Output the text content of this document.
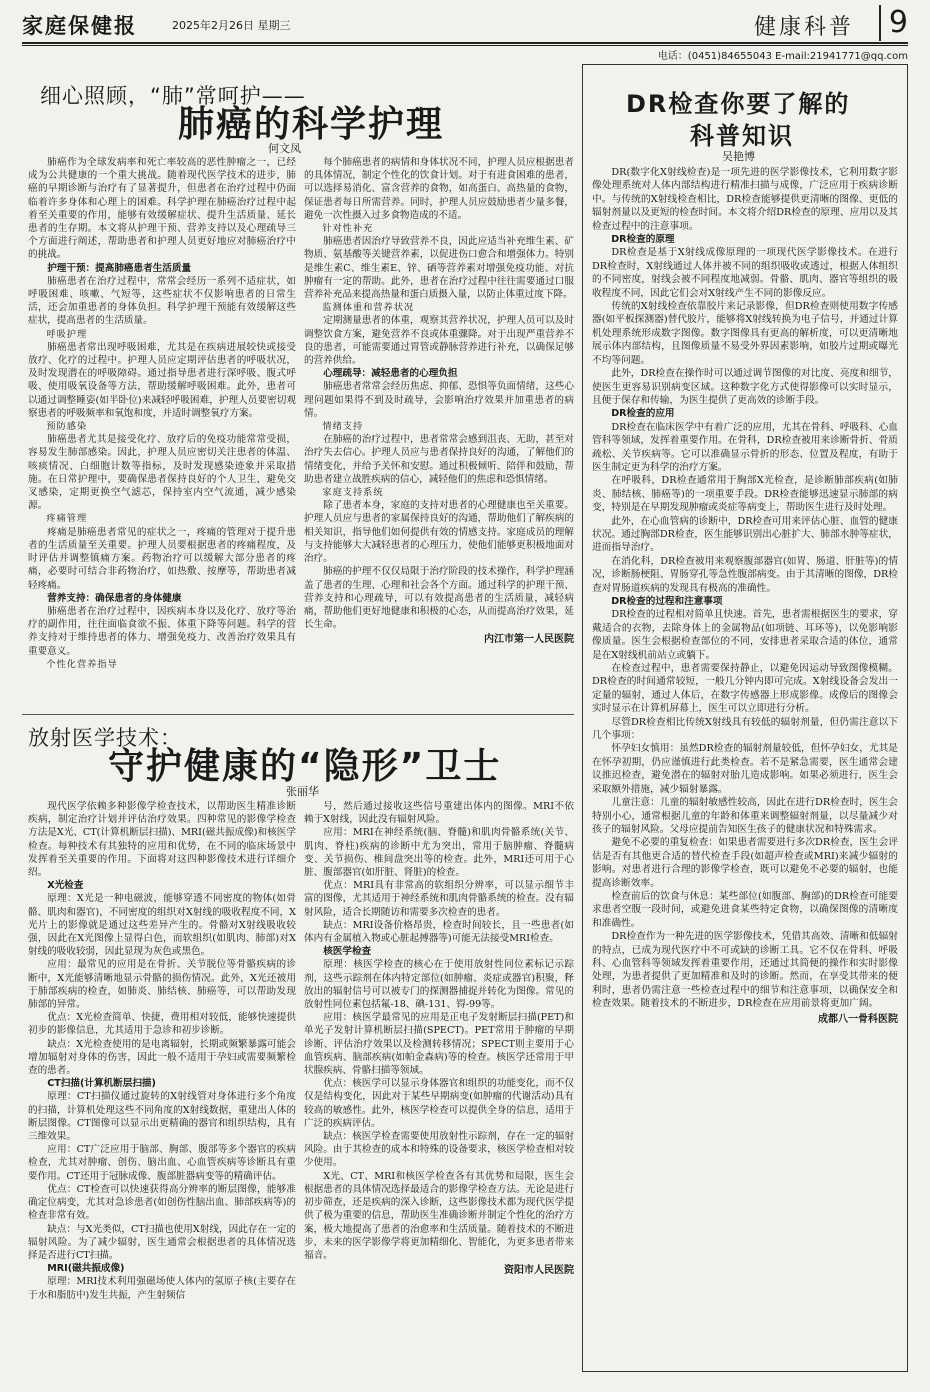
家庭保健报	2025年2月26日 星期三	健康科普	9
电话：(0451)84655043 E-mail:21941771@qq.com
细心照顾，“肺”常呵护——
肺癌的科学护理
何文凤

肺癌作为全球发病率和死亡率较高的恶性肿瘤之一，已经成为公共健康的一个重大挑战。随着现代医学技术的进步，肺癌的早期诊断与治疗有了显著提升，但患者在治疗过程中仍面临着许多身体和心理上的困难。科学护理在肺癌治疗过程中起着至关重要的作用，能够有效缓解症状、提升生活质量、延长患者的生存期。本文将从护理干预、营养支持以及心理疏导三个方面进行阐述，帮助患者和护理人员更好地应对肺癌治疗中的挑战。

护理干预：提高肺癌患者生活质量

肺癌患者在治疗过程中，常常会经历一系列不适症状，如呼吸困难、咳嗽、气短等，这些症状不仅影响患者的日常生活，还会加重患者的身体负担。科学护理干预能有效缓解这些症状，提高患者的生活质量。

呼吸护理

肺癌患者常出现呼吸困难，尤其是在疾病进展较快或接受放疗、化疗的过程中。护理人员应定期评估患者的呼吸状况，及时发现潜在的呼吸障碍。通过指导患者进行深呼吸、腹式呼吸、使用吸氧设备等方法，帮助缓解呼吸困难。此外，患者可以通过调整睡姿(如半卧位)来减轻呼吸困难，护理人员要密切观察患者的呼吸频率和氧饱和度，并适时调整氧疗方案。

预防感染

肺癌患者尤其是接受化疗、放疗后的免疫功能常常受损，容易发生肺部感染。因此，护理人员应密切关注患者的体温、咳痰情况、白细胞计数等指标，及时发现感染迹象并采取措施。在日常护理中，要确保患者保持良好的个人卫生，避免交叉感染，定期更换空气滤芯，保持室内空气流通，减少感染源。

疼痛管理

疼痛是肺癌患者常见的症状之一，疼痛的管理对于提升患者的生活质量至关重要。护理人员要根据患者的疼痛程度，及时评估并调整镇痛方案。药物治疗可以缓解大部分患者的疼痛，必要时可结合非药物治疗，如热敷、按摩等，帮助患者减轻疼痛。

营养支持：确保患者的身体健康

肺癌患者在治疗过程中，因疾病本身以及化疗、放疗等治疗的副作用，往往面临食欲不振、体重下降等问题。科学的营养支持对于维持患者的体力、增强免疫力、改善治疗效果具有重要意义。

个性化营养指导

每个肺癌患者的病情和身体状况不同，护理人员应根据患者的具体情况，制定个性化的饮食计划。对于有进食困难的患者，可以选择易消化、富含营养的食物，如高蛋白、高热量的食物，保证患者每日所需营养。同时，护理人员应鼓励患者少量多餐，避免一次性摄入过多食物造成的不适。

针对性补充

肺癌患者因治疗导致营养不良，因此应适当补充维生素、矿物质、氨基酸等关键营养素，以促进伤口愈合和增强体力。特别是维生素C、维生素E、锌、硒等营养素对增强免疫功能、对抗肿瘤有一定的帮助。此外，患者在治疗过程中往往需要通过口服营养补充品来提高热量和蛋白质摄入量，以防止体重过度下降。

监测体重和营养状况

定期测量患者的体重，观察其营养状况，护理人员可以及时调整饮食方案，避免营养不良或体重骤降。对于出现严重营养不良的患者，可能需要通过胃管或静脉营养进行补充，以确保足够的营养供给。

心理疏导：减轻患者的心理负担

肺癌患者常常会经历焦虑、抑郁、恐惧等负面情绪，这些心理问题如果得不到及时疏导，会影响治疗效果并加重患者的病情。

情绪支持

在肺癌的治疗过程中，患者常常会感到沮丧、无助，甚至对治疗失去信心。护理人员应与患者保持良好的沟通，了解他们的情绪变化，并给予关怀和安慰。通过积极倾听、陪伴和鼓励，帮助患者建立战胜疾病的信心，减轻他们的焦虑和恐惧情绪。

家庭支持系统

除了患者本身，家庭的支持对患者的心理健康也至关重要。护理人员应与患者的家属保持良好的沟通，帮助他们了解疾病的相关知识，指导他们如何提供有效的情感支持。家庭成员的理解与支持能够大大减轻患者的心理压力，使他们能够更积极地面对治疗。

肺癌的护理不仅仅局限于治疗阶段的技术操作，科学护理涵盖了患者的生理、心理和社会各个方面。通过科学的护理干预、营养支持和心理疏导，可以有效提高患者的生活质量，减轻病痛，帮助他们更好地健康和积极的心态，从而提高治疗效果，延长生命。

内江市第一人民医院
放射医学技术：
守护健康的“隐形”卫士
张丽华

现代医学依赖多种影像学检查技术，以帮助医生精准诊断疾病，制定治疗计划并评估治疗效果。四种常见的影像学检查方法是X光、CT(计算机断层扫描)、MRI(磁共振成像)和核医学检查。每种技术有其独特的应用和优势，在不同的临床场景中发挥着至关重要的作用。下面将对这四种影像技术进行详细介绍。

X光检查

原理：X光是一种电磁波，能够穿透不同密度的物体(如骨骼、肌肉和器官)，不同密度的组织对X射线的吸收程度不同，X光片上的影像就是通过这些差异产生的。骨骼对X射线吸收较强，因此在X光图像上显得白色，而软组织(如肌肉、肺部)对X射线的吸收较弱，因此显现为灰色或黑色。

应用：最常见的应用是在骨折、关节脱位等骨骼疾病的诊断中，X光能够清晰地显示骨骼的损伤情况。此外，X光还被用于肺部疾病的检查，如肺炎、肺结核、肺癌等，可以帮助发现肺部的异常。

优点：X光检查简单、快捷，费用相对较低，能够快速提供初步的影像信息，尤其适用于急诊和初步诊断。

缺点：X光检查使用的是电离辐射，长期或频繁暴露可能会增加辐射对身体的伤害，因此一般不适用于孕妇或需要频繁检查的患者。

CT扫描(计算机断层扫描)

原理：CT扫描仪通过旋转的X射线管对身体进行多个角度的扫描，计算机处理这些不同角度的X射线数据，重建出人体的断层图像。CT图像可以显示出更精确的器官和组织结构，具有三维效果。

应用：CT广泛应用于脑部、胸部、腹部等多个器官的疾病检查，尤其对肿瘤、创伤、脑出血、心血管疾病等诊断具有重要作用。CT还用于冠脉成像、腹部脏器病变等的精确评估。

优点：CT检查可以快速获得高分辨率的断层图像，能够准确定位病变，尤其对急诊患者(如创伤性脑出血、肺部疾病等)的检查非常有效。

缺点：与X光类似，CT扫描也使用X射线，因此存在一定的辐射风险。为了减少辐射，医生通常会根据患者的具体情况选择是否进行CT扫描。

MRI(磁共振成像)

原理：MRI技术利用强磁场使人体内的氢原子核(主要存在于水和脂肪中)发生共振，产生射频信

号，然后通过接收这些信号重建出体内的图像。MRI不依赖于X射线，因此没有辐射风险。

应用：MRI在神经系统(脑、脊髓)和肌肉骨骼系统(关节、肌肉、脊柱)疾病的诊断中尤为突出，常用于脑肿瘤、脊髓病变、关节损伤、椎间盘突出等的检查。此外，MRI还可用于心脏、腹部器官(如肝脏、肾脏)的检查。

优点：MRI具有非常高的软组织分辨率，可以显示细节丰富的图像，尤其适用于神经系统和肌肉骨骼系统的检查。没有辐射风险，适合长期随访和需要多次检查的患者。

缺点：MRI设备价格昂贵，检查时间较长，且一些患者(如体内有金属植入物或心脏起搏器等)可能无法接受MRI检查。

核医学检查

原理：核医学检查的核心在于使用放射性同位素标记示踪剂，这些示踪剂在体内特定部位(如肿瘤、炎症或器官)积聚，释放出的辐射信号可以被专门的探测器捕捉并转化为图像。常见的放射性同位素包括氟-18、碘-131、锝-99等。

应用：核医学最常见的应用是正电子发射断层扫描(PET)和单光子发射计算机断层扫描(SPECT)。PET常用于肿瘤的早期诊断、评估治疗效果以及检测转移情况；SPECT则主要用于心血管疾病、脑部疾病(如帕金森病)等的检查。核医学还常用于甲状腺疾病、骨骼扫描等领域。

优点：核医学可以显示身体器官和组织的功能变化，而不仅仅是结构变化，因此对于某些早期病变(如肿瘤的代谢活动)具有较高的敏感性。此外，核医学检查可以提供全身的信息，适用于广泛的疾病评估。

缺点：核医学检查需要使用放射性示踪剂，存在一定的辐射风险。由于其检查的成本和特殊的设备要求，核医学检查相对较少使用。

X光、CT、MRI和核医学检查各有其优势和局限，医生会根据患者的具体情况选择最适合的影像学检查方法。无论是进行初步筛查，还是疾病的深入诊断，这些影像技术都为现代医学提供了极为重要的信息，帮助医生准确诊断并制定个性化的治疗方案，极大地提高了患者的治愈率和生活质量。随着技术的不断进步，未来的医学影像学将更加精细化、智能化，为更多患者带来福音。

资阳市人民医院
DR检查你要了解的
科普知识
吴艳博

DR(数字化X射线检查)是一项先进的医学影像技术，它利用数字影像处理系统对人体内部结构进行精准扫描与成像，广泛应用于疾病诊断中。与传统的X射线检查相比，DR检查能够提供更清晰的图像、更低的辐射剂量以及更短的检查时间。本文将介绍DR检查的原理、应用以及其检查过程中的注意事项。

DR检查的原理

DR检查是基于X射线成像原理的一项现代医学影像技术。在进行DR检查时，X射线通过人体并被不同的组织吸收或透过，根据人体组织的不同密度，射线会被不同程度地减弱。骨骼、肌肉、器官等组织的吸收程度不同，因此它们会对X射线产生不同的影像反应。

传统的X射线检查依靠胶片来记录影像，但DR检查则使用数字传感器(如平板探测器)替代胶片，能够将X射线转换为电子信号，并通过计算机处理系统形成数字图像。数字图像具有更高的解析度，可以更清晰地展示体内部结构，且图像质量不易受外界因素影响，如胶片过期或曝光不均等问题。

此外，DR检查在操作时可以通过调节图像的对比度、亮度和细节，使医生更容易识别病变区域。这种数字化方式使得影像可以实时显示，且便于保存和传输，为医生提供了更高效的诊断手段。

DR检查的应用

DR检查在临床医学中有着广泛的应用，尤其在骨科、呼吸科、心血管科等领域，发挥着重要作用。在骨科，DR检查被用来诊断骨折、骨质疏松、关节疾病等。它可以准确显示骨折的形态、位置及程度，有助于医生制定更为科学的治疗方案。

在呼吸科，DR检查通常用于胸部X光检查，是诊断肺部疾病(如肺炎、肺结核、肺癌等)的一项重要手段。DR检查能够迅速显示肺部的病变，特别是在早期发现肿瘤或炎症等病变上，帮助医生进行及时处理。

此外，在心血管病的诊断中，DR检查可用来评估心脏、血管的健康状况。通过胸部DR检查，医生能够识别出心脏扩大、肺部水肿等症状，进而指导治疗。

在消化科，DR检查被用来观察腹部器官(如胃、肠道、肝脏等)的情况，诊断肠梗阻、胃肠穿孔等急性腹部病变。由于其清晰的图像，DR检查对胃肠道疾病的发现具有极高的准确性。

DR检查的过程和注意事项

DR检查的过程相对简单且快速。首先，患者需根据医生的要求，穿戴适合的衣物，去除身体上的金属物品(如项链、耳环等)，以免影响影像质量。医生会根据检查部位的不同，安排患者采取合适的体位，通常是在X射线机前站立或躺下。

在检查过程中，患者需要保持静止，以避免因运动导致图像模糊。DR检查的时间通常较短，一般几分钟内即可完成。X射线设备会发出一定量的辐射，通过人体后，在数字传感器上形成影像。成像后的图像会实时显示在计算机屏幕上，医生可以立即进行分析。

尽管DR检查相比传统X射线具有较低的辐射剂量，但仍需注意以下几个事项：

怀孕妇女慎用：虽然DR检查的辐射剂量较低，但怀孕妇女，尤其是在怀孕初期，仍应谨慎进行此类检查。若不是紧急需要，医生通常会建议推迟检查，避免潜在的辐射对胎儿造成影响。如果必须进行，医生会采取额外措施，减少辐射暴露。

儿童注意：儿童的辐射敏感性较高，因此在进行DR检查时，医生会特别小心，通常根据儿童的年龄和体重来调整辐射剂量，以尽量减少对孩子的辐射风险。父母应提前告知医生孩子的健康状况和特殊需求。

避免不必要的重复检查：如果患者需要进行多次DR检查，医生会评估是否有其他更合适的替代检查手段(如超声检查或MRI)来减少辐射的影响。对患者进行合理的影像学检查，既可以避免不必要的辐射，也能提高诊断效率。

检查前后的饮食与休息：某些部位(如腹部、胸部)的DR检查可能要求患者空腹一段时间，或避免进食某些特定食物，以确保图像的清晰度和准确性。

DR检查作为一种先进的医学影像技术，凭借其高效、清晰和低辐射的特点，已成为现代医疗中不可或缺的诊断工具。它不仅在骨科、呼吸科、心血管科等领域发挥着重要作用，还通过其简便的操作和实时影像处理，为患者提供了更加精准和及时的诊断。然而，在享受其带来的便利时，患者仍需注意一些检查过程中的细节和注意事项，以确保安全和检查效果。随着技术的不断进步，DR检查在应用前景将更加广阔。

成都八一骨科医院
